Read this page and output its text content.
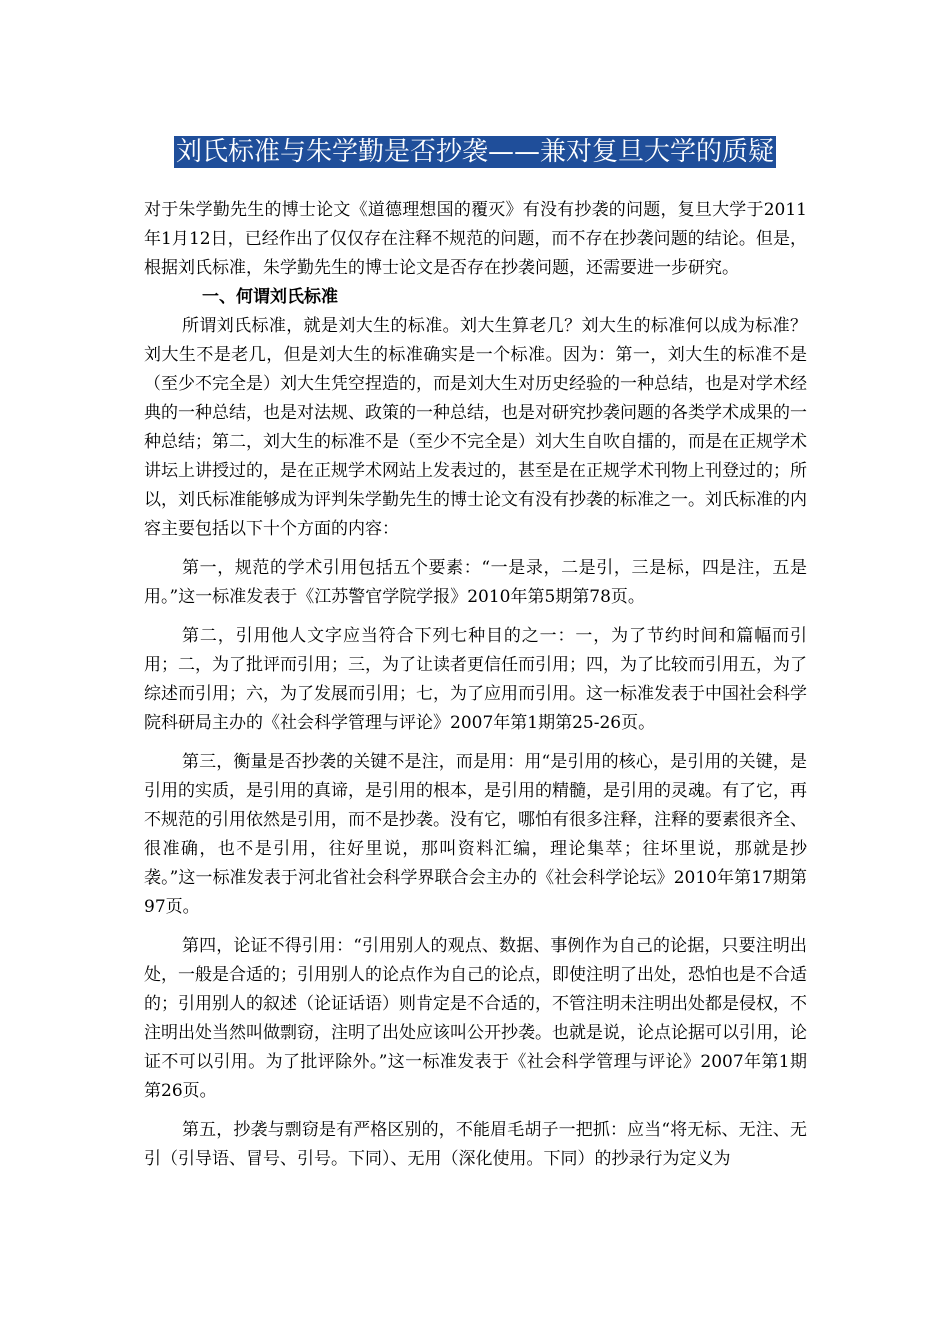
刘氏标准与朱学勤是否抄袭——兼对复旦大学的质疑

对于朱学勤先生的博士论文《道德理想国的覆灭》有没有抄袭的问题，复旦大学于2011年1月12日，已经作出了仅仅存在注释不规范的问题，而不存在抄袭问题的结论。但是，根据刘氏标准，朱学勤先生的博士论文是否存在抄袭问题，还需要进一步研究。

一、何谓刘氏标准

所谓刘氏标准，就是刘大生的标准。刘大生算老几？刘大生的标准何以成为标准？刘大生不是老几，但是刘大生的标准确实是一个标准。因为：第一，刘大生的标准不是（至少不完全是）刘大生凭空捏造的，而是刘大生对历史经验的一种总结，也是对学术经典的一种总结，也是对法规、政策的一种总结，也是对研究抄袭问题的各类学术成果的一种总结；第二，刘大生的标准不是（至少不完全是）刘大生自吹自擂的，而是在正规学术讲坛上讲授过的，是在正规学术网站上发表过的，甚至是在正规学术刊物上刊登过的；所以，刘氏标准能够成为评判朱学勤先生的博士论文有没有抄袭的标准之一。刘氏标准的内容主要包括以下十个方面的内容：

第一，规范的学术引用包括五个要素：“一是录，二是引，三是标，四是注，五是用。”这一标准发表于《江苏警官学院学报》2010年第5期第78页。

第二，引用他人文字应当符合下列七种目的之一：一，为了节约时间和篇幅而引用；二，为了批评而引用；三，为了让读者更信任而引用；四，为了比较而引用五，为了综述而引用；六，为了发展而引用；七，为了应用而引用。这一标准发表于中国社会科学院科研局主办的《社会科学管理与评论》2007年第1期第25-26页。

第三，衡量是否抄袭的关键不是注，而是用：用“是引用的核心，是引用的关键，是引用的实质，是引用的真谛，是引用的根本，是引用的精髓，是引用的灵魂。有了它，再不规范的引用依然是引用，而不是抄袭。没有它，哪怕有很多注释，注释的要素很齐全、很准确，也不是引用，往好里说，那叫资料汇编，理论集萃；往坏里说，那就是抄袭。”这一标准发表于河北省社会科学界联合会主办的《社会科学论坛》2010年第17期第97页。

第四，论证不得引用：“引用别人的观点、数据、事例作为自己的论据，只要注明出处，一般是合适的；引用别人的论点作为自己的论点，即使注明了出处，恐怕也是不合适的；引用别人的叙述（论证话语）则肯定是不合适的，不管注明未注明出处都是侵权，不注明出处当然叫做剽窃，注明了出处应该叫公开抄袭。也就是说，论点论据可以引用，论证不可以引用。为了批评除外。”这一标准发表于《社会科学管理与评论》2007年第1期第26页。

第五，抄袭与剽窃是有严格区别的，不能眉毛胡子一把抓：应当“将无标、无注、无引（引导语、冒号、引号。下同）、无用（深化使用。下同）的抄录行为定义为
